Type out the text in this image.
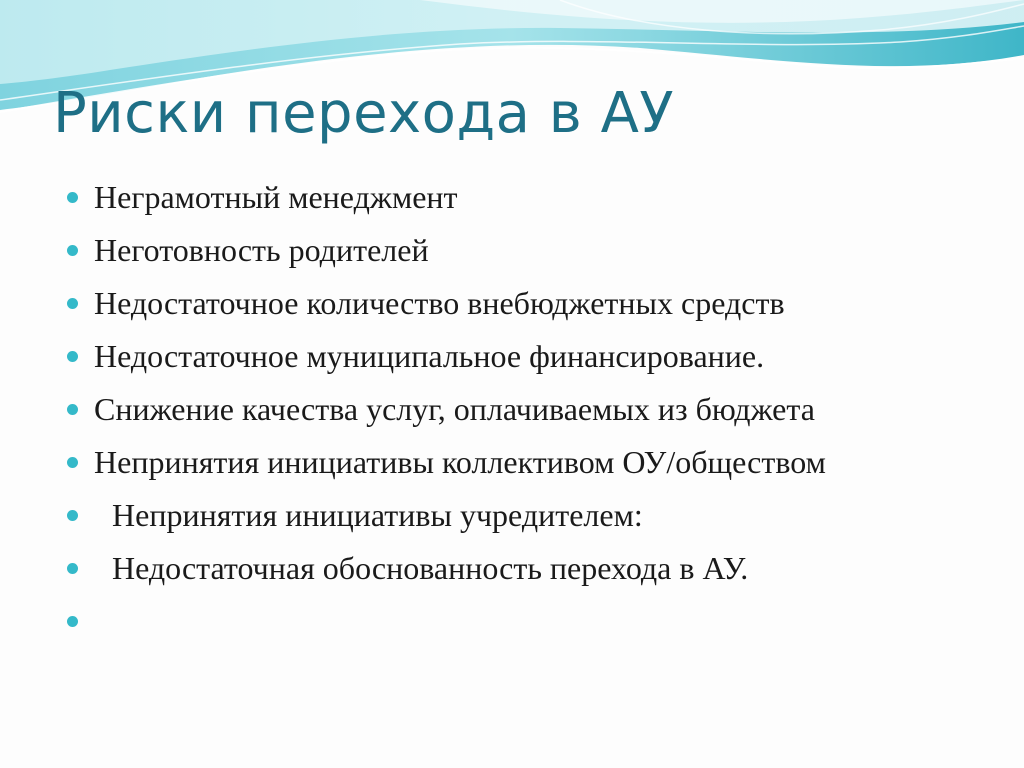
Риски перехода в АУ
Неграмотный менеджмент
Неготовность родителей
Недостаточное количество внебюджетных средств
Недостаточное муниципальное финансирование.
Снижение качества услуг, оплачиваемых из бюджета
Непринятия инициативы коллективом ОУ/обществом
Непринятия инициативы учредителем:
Недостаточная обоснованность перехода в АУ.
